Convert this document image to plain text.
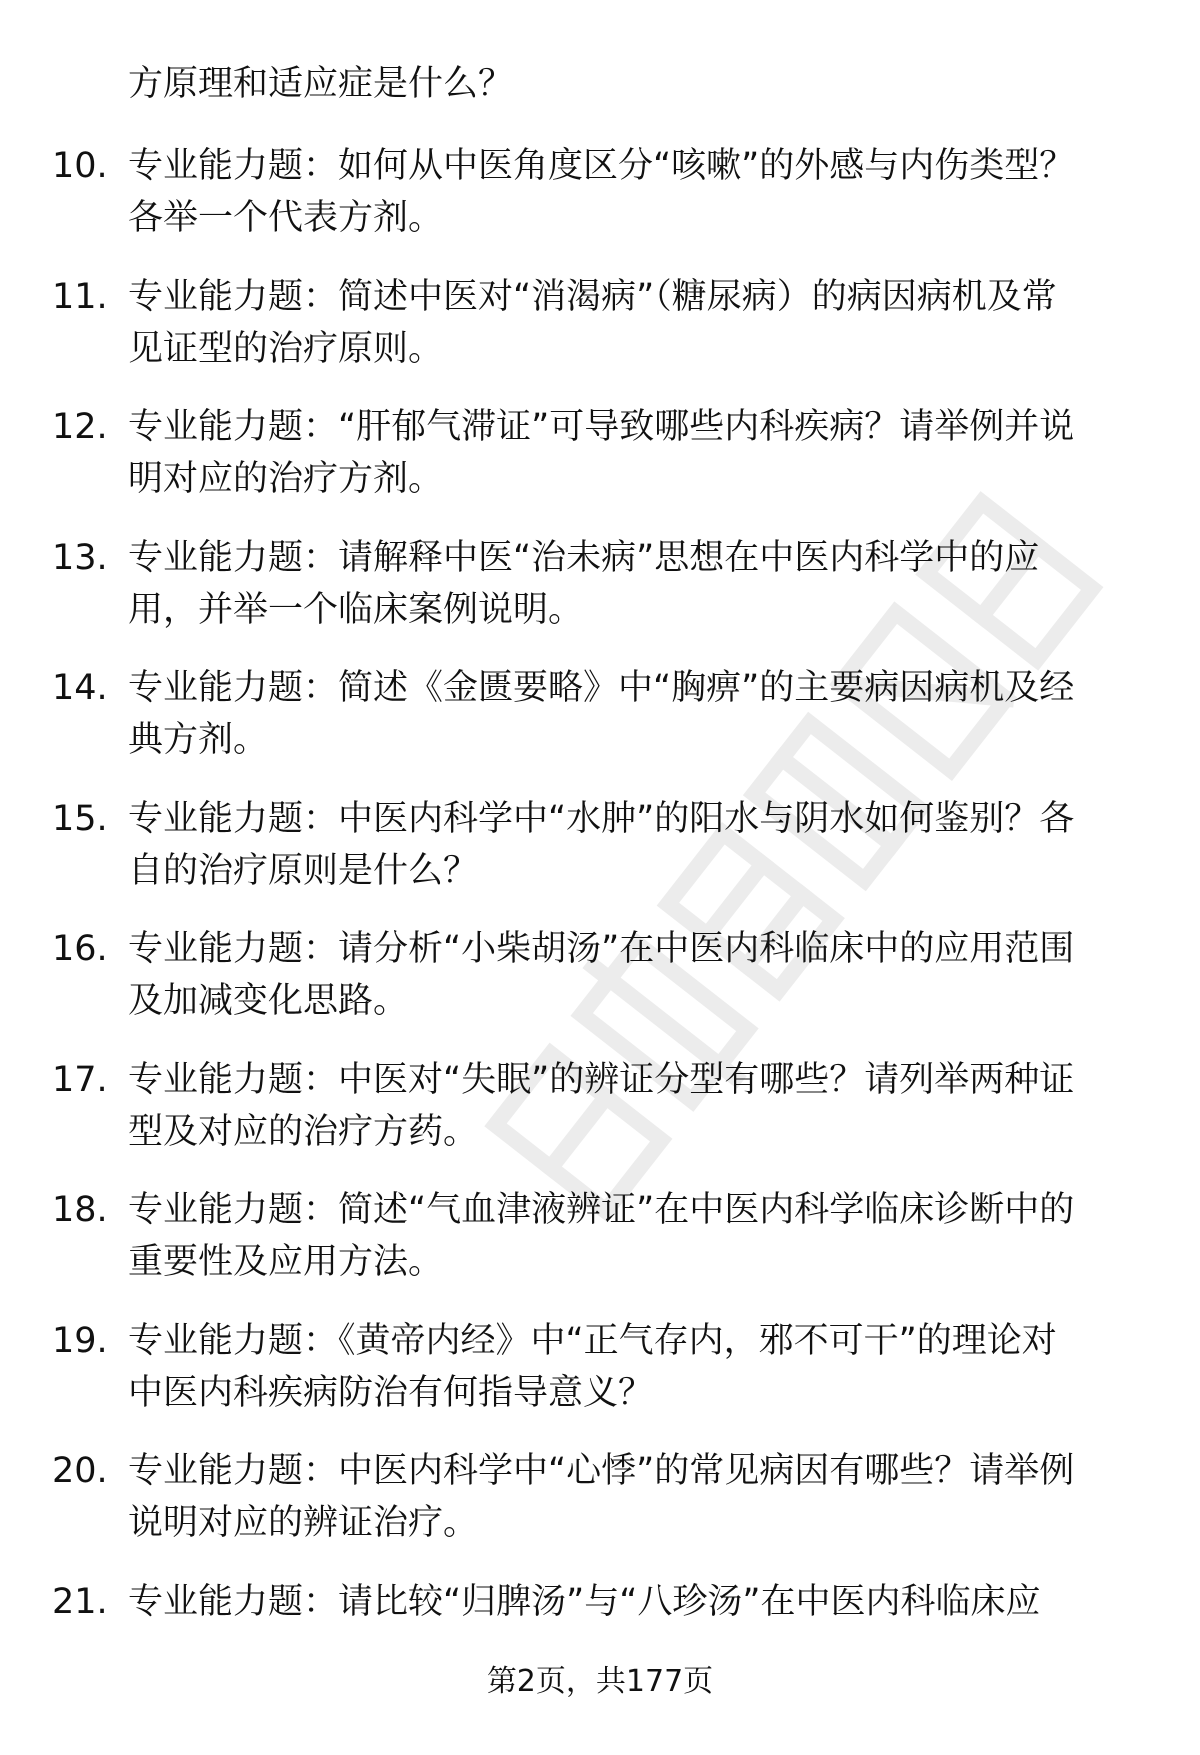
方原理和适应症是什么？
10. 专业能力题：如何从中医角度区分“咳嗽”的外感与内伤类型？
各举一个代表方剂。
11. 专业能力题：简述中医对“消渴病”（糖尿病）的病因病机及常
见证型的治疗原则。
12. 专业能力题：“肝郁气滞证”可导致哪些内科疾病？请举例并说
明对应的治疗方剂。
13. 专业能力题：请解释中医“治未病”思想在中医内科学中的应
用，并举一个临床案例说明。
14. 专业能力题：简述《金匮要略》中“胸痹”的主要病因病机及经
典方剂。
15. 专业能力题：中医内科学中“水肿”的阳水与阴水如何鉴别？各
自的治疗原则是什么？
16. 专业能力题：请分析“小柴胡汤”在中医内科临床中的应用范围
及加减变化思路。
17. 专业能力题：中医对“失眠”的辨证分型有哪些？请列举两种证
型及对应的治疗方药。
18. 专业能力题：简述“气血津液辨证”在中医内科学临床诊断中的
重要性及应用方法。
19. 专业能力题：《黄帝内经》中“正气存内，邪不可干”的理论对
中医内科疾病防治有何指导意义？
20. 专业能力题：中医内科学中“心悸”的常见病因有哪些？请举例
说明对应的辨证治疗。
21. 专业能力题：请比较“归脾汤”与“八珍汤”在中医内科临床应
第2页，共177页
